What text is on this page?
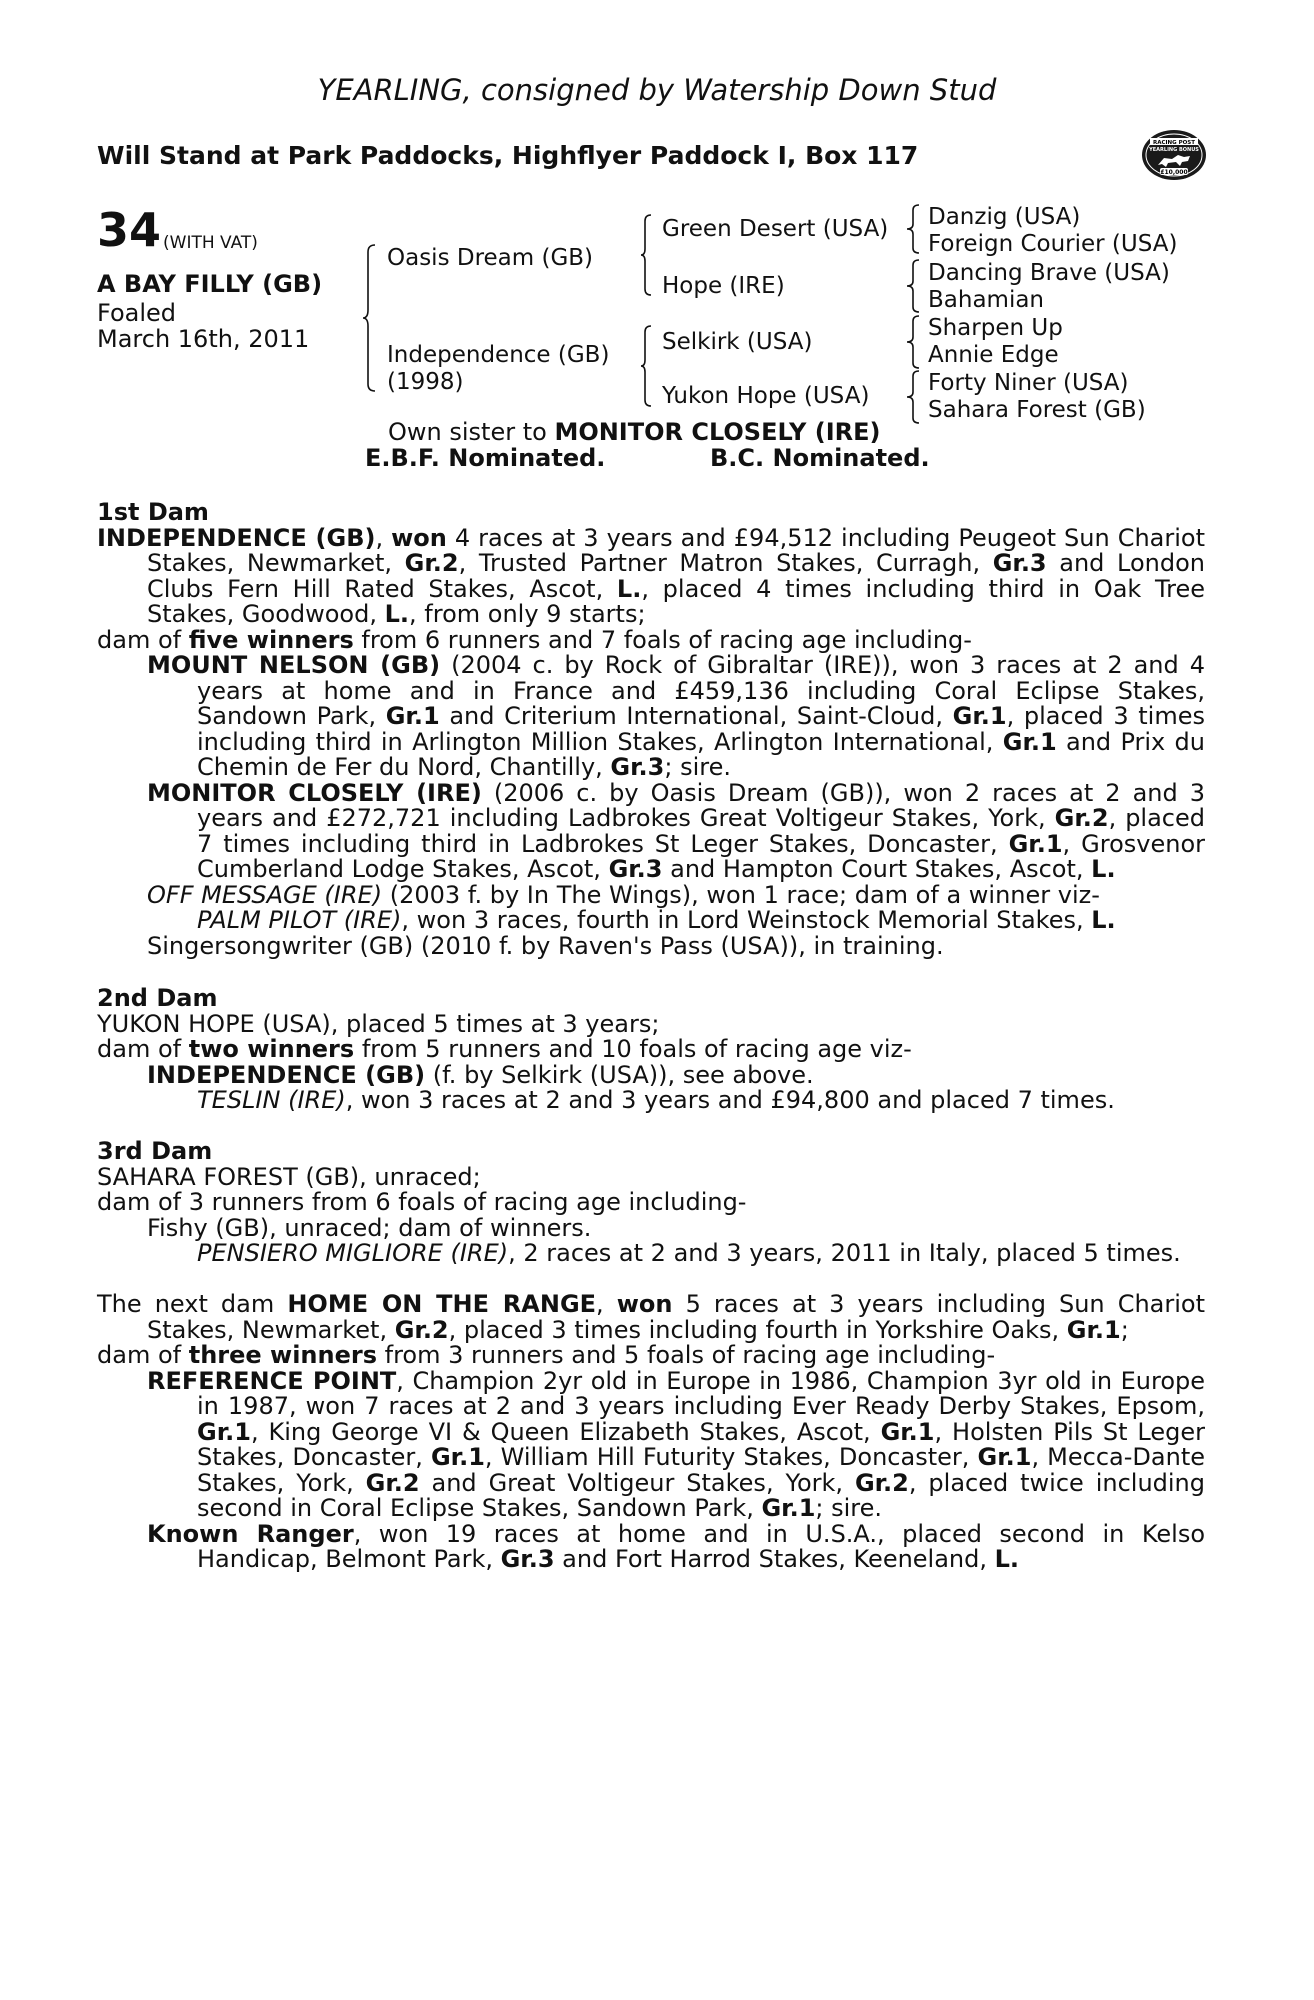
YEARLING, consigned by Watership Down Stud
Will Stand at Park Paddocks, Highflyer Paddock I, Box 117	RACING POST
YEARLING BONUS
£10,000
34 (WITH VAT)
A BAY FILLY (GB)
Foaled
March 16th, 2011
Oasis Dream (GB)
Independence (GB)
(1998)
Green Desert (USA)
Hope (IRE)
Selkirk (USA)
Yukon Hope (USA)
Danzig (USA)
Foreign Courier (USA)
Dancing Brave (USA)
Bahamian
Sharpen Up
Annie Edge
Forty Niner (USA)
Sahara Forest (GB)
Own sister to MONITOR CLOSELY (IRE)
E.B.F. Nominated.	B.C. Nominated.
1st Dam
INDEPENDENCE (GB), won 4 races at 3 years and £94,512 including Peugeot Sun Chariot Stakes, Newmarket, Gr.2, Trusted Partner Matron Stakes, Curragh, Gr.3 and London Clubs Fern Hill Rated Stakes, Ascot, L., placed 4 times including third in Oak Tree Stakes, Goodwood, L., from only 9 starts;
dam of five winners from 6 runners and 7 foals of racing age including-
MOUNT NELSON (GB) (2004 c. by Rock of Gibraltar (IRE)), won 3 races at 2 and 4 years at home and in France and £459,136 including Coral Eclipse Stakes, Sandown Park, Gr.1 and Criterium International, Saint-Cloud, Gr.1, placed 3 times including third in Arlington Million Stakes, Arlington International, Gr.1 and Prix du Chemin de Fer du Nord, Chantilly, Gr.3; sire.
MONITOR CLOSELY (IRE) (2006 c. by Oasis Dream (GB)), won 2 races at 2 and 3 years and £272,721 including Ladbrokes Great Voltigeur Stakes, York, Gr.2, placed 7 times including third in Ladbrokes St Leger Stakes, Doncaster, Gr.1, Grosvenor Cumberland Lodge Stakes, Ascot, Gr.3 and Hampton Court Stakes, Ascot, L.
OFF MESSAGE (IRE) (2003 f. by In The Wings), won 1 race; dam of a winner viz-
PALM PILOT (IRE), won 3 races, fourth in Lord Weinstock Memorial Stakes, L.
Singersongwriter (GB) (2010 f. by Raven's Pass (USA)), in training.
2nd Dam
YUKON HOPE (USA), placed 5 times at 3 years;
dam of two winners from 5 runners and 10 foals of racing age viz-
INDEPENDENCE (GB) (f. by Selkirk (USA)), see above.
TESLIN (IRE), won 3 races at 2 and 3 years and £94,800 and placed 7 times.
3rd Dam
SAHARA FOREST (GB), unraced;
dam of 3 runners from 6 foals of racing age including-
Fishy (GB), unraced; dam of winners.
PENSIERO MIGLIORE (IRE), 2 races at 2 and 3 years, 2011 in Italy, placed 5 times.
The next dam HOME ON THE RANGE, won 5 races at 3 years including Sun Chariot Stakes, Newmarket, Gr.2, placed 3 times including fourth in Yorkshire Oaks, Gr.1;
dam of three winners from 3 runners and 5 foals of racing age including-
REFERENCE POINT, Champion 2yr old in Europe in 1986, Champion 3yr old in Europe in 1987, won 7 races at 2 and 3 years including Ever Ready Derby Stakes, Epsom, Gr.1, King George VI & Queen Elizabeth Stakes, Ascot, Gr.1, Holsten Pils St Leger Stakes, Doncaster, Gr.1, William Hill Futurity Stakes, Doncaster, Gr.1, Mecca-Dante Stakes, York, Gr.2 and Great Voltigeur Stakes, York, Gr.2, placed twice including second in Coral Eclipse Stakes, Sandown Park, Gr.1; sire.
Known Ranger, won 19 races at home and in U.S.A., placed second in Kelso Handicap, Belmont Park, Gr.3 and Fort Harrod Stakes, Keeneland, L.
